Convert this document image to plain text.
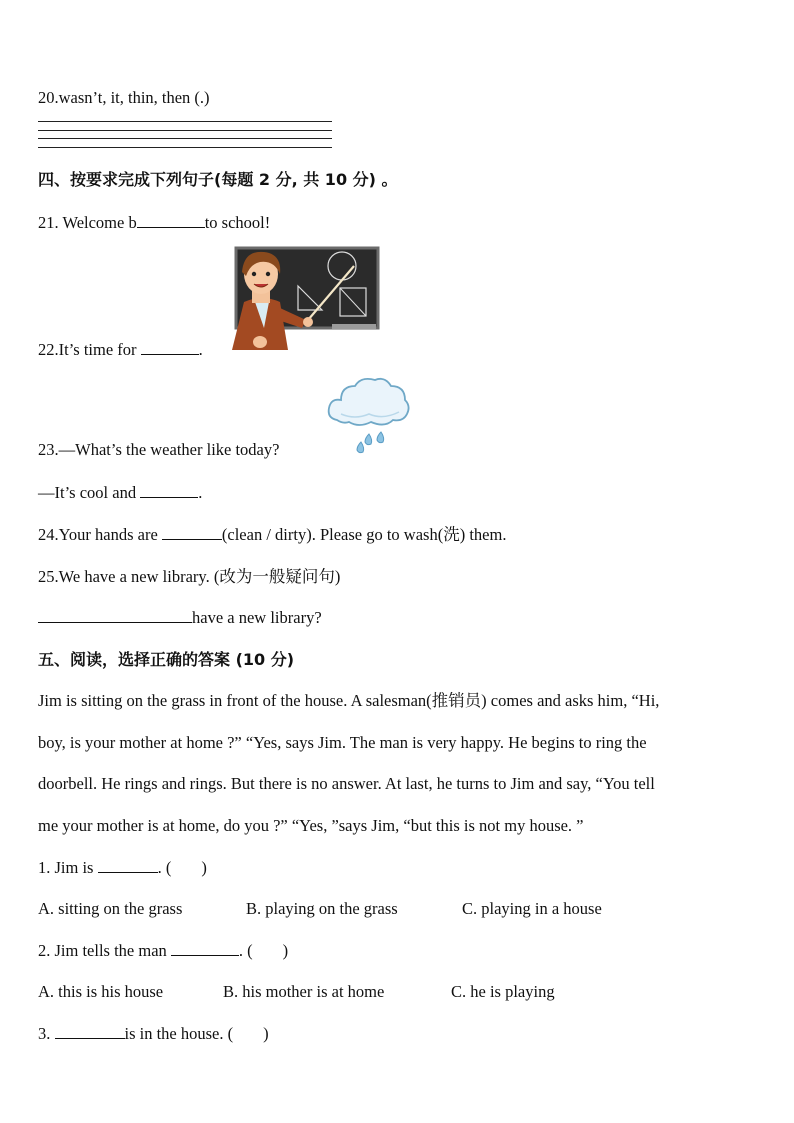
20.wasn’t, it, thin, then (.)
四、按要求完成下列句子(每题 2 分, 共 10 分) 。
21. Welcome b	to school!
22.It’s time for	.
23.—What’s the weather like today?
—It’s cool and	.
24.Your hands are	(clean / dirty). Please go to wash(洗) them.
25.We have a new library. (改为一般疑问句)
have a new library?
五、阅读，选择正确的答案 (10 分)
Jim is sitting on the grass in front of the house. A salesman(推销员) comes and asks him, “Hi,
boy, is your mother at home ?” “Yes, says Jim. The man is very happy. He begins to ring the
doorbell. He rings and rings. But there is no answer. At last, he turns to Jim and say, “You tell
me your mother is at home, do you ?” “Yes, ”says Jim, “but this is not my house. ”
1. Jim is	. ( )
A. sitting on the grass	B. playing on the grass	C. playing in a house
2. Jim tells the man	. ( )
A. this is his house	B. his mother is at home	C. he is playing
3.	is in the house. ( )
